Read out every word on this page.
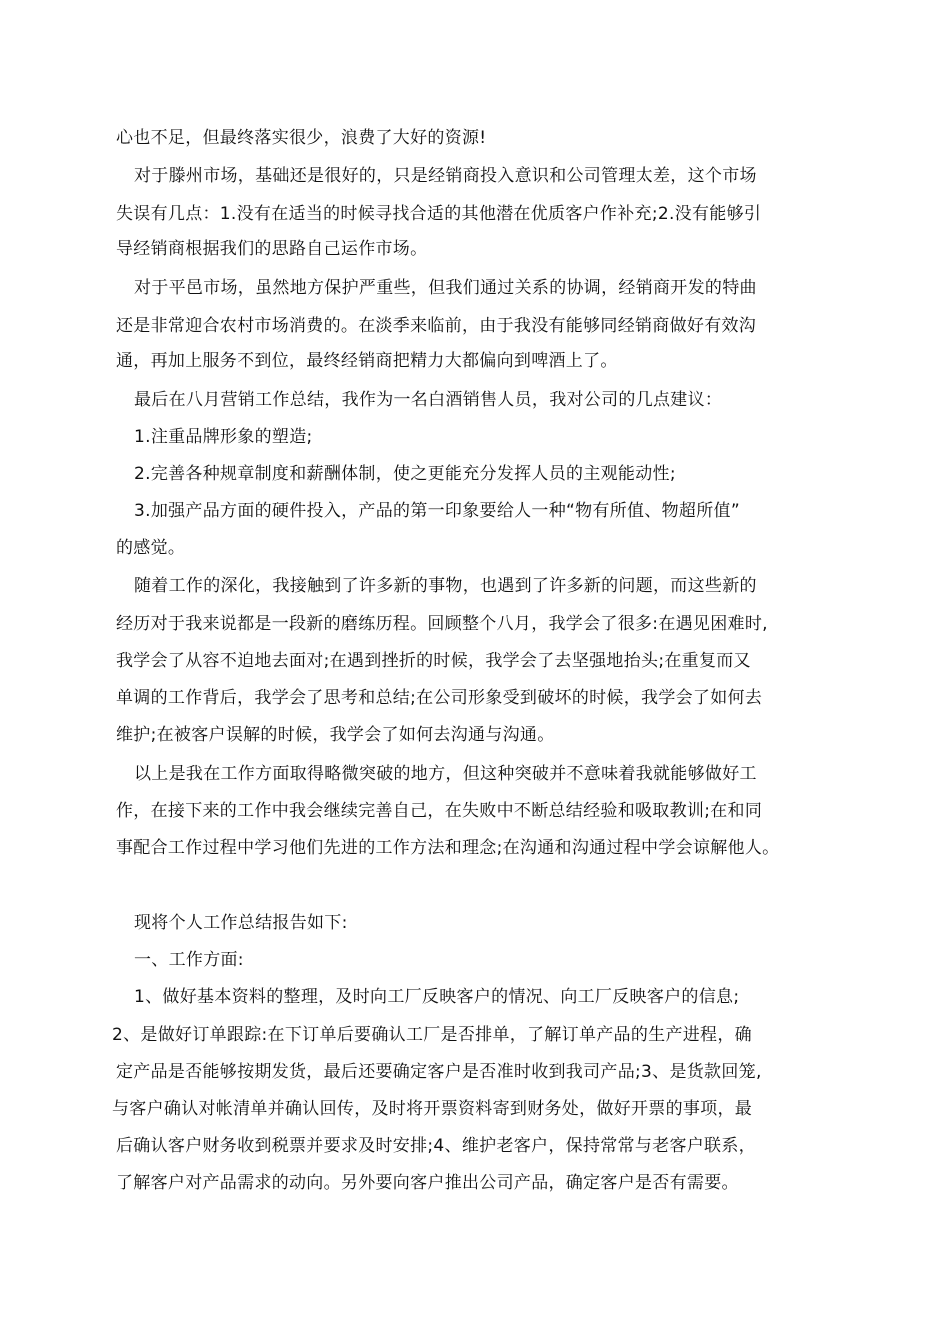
心也不足，但最终落实很少，浪费了大好的资源!
对于滕州市场，基础还是很好的，只是经销商投入意识和公司管理太差，这个市场
失误有几点：1.没有在适当的时候寻找合适的其他潜在优质客户作补充;2.没有能够引
导经销商根据我们的思路自己运作市场。
对于平邑市场，虽然地方保护严重些，但我们通过关系的协调，经销商开发的特曲
还是非常迎合农村市场消费的。在淡季来临前，由于我没有能够同经销商做好有效沟
通，再加上服务不到位，最终经销商把精力大都偏向到啤酒上了。
最后在八月营销工作总结，我作为一名白酒销售人员，我对公司的几点建议：
1.注重品牌形象的塑造;
2.完善各种规章制度和薪酬体制，使之更能充分发挥人员的主观能动性;
3.加强产品方面的硬件投入，产品的第一印象要给人一种“物有所值、物超所值”
的感觉。
随着工作的深化，我接触到了许多新的事物，也遇到了许多新的问题，而这些新的
经历对于我来说都是一段新的磨练历程。回顾整个八月，我学会了很多:在遇见困难时,
我学会了从容不迫地去面对;在遇到挫折的时候，我学会了去坚强地抬头;在重复而又
单调的工作背后，我学会了思考和总结;在公司形象受到破坏的时候，我学会了如何去
维护;在被客户误解的时候，我学会了如何去沟通与沟通。
以上是我在工作方面取得略微突破的地方，但这种突破并不意味着我就能够做好工
作，在接下来的工作中我会继续完善自己，在失败中不断总结经验和吸取教训;在和同
事配合工作过程中学习他们先进的工作方法和理念;在沟通和沟通过程中学会谅解他人。
现将个人工作总结报告如下:
一、工作方面:
1、做好基本资料的整理，及时向工厂反映客户的情况、向工厂反映客户的信息;
2、是做好订单跟踪:在下订单后要确认工厂是否排单，了解订单产品的生产进程，确
定产品是否能够按期发货，最后还要确定客户是否准时收到我司产品;3、是货款回笼,
与客户确认对帐清单并确认回传，及时将开票资料寄到财务处，做好开票的事项，最
后确认客户财务收到税票并要求及时安排;4、维护老客户，保持常常与老客户联系，
了解客户对产品需求的动向。另外要向客户推出公司产品，确定客户是否有需要。
